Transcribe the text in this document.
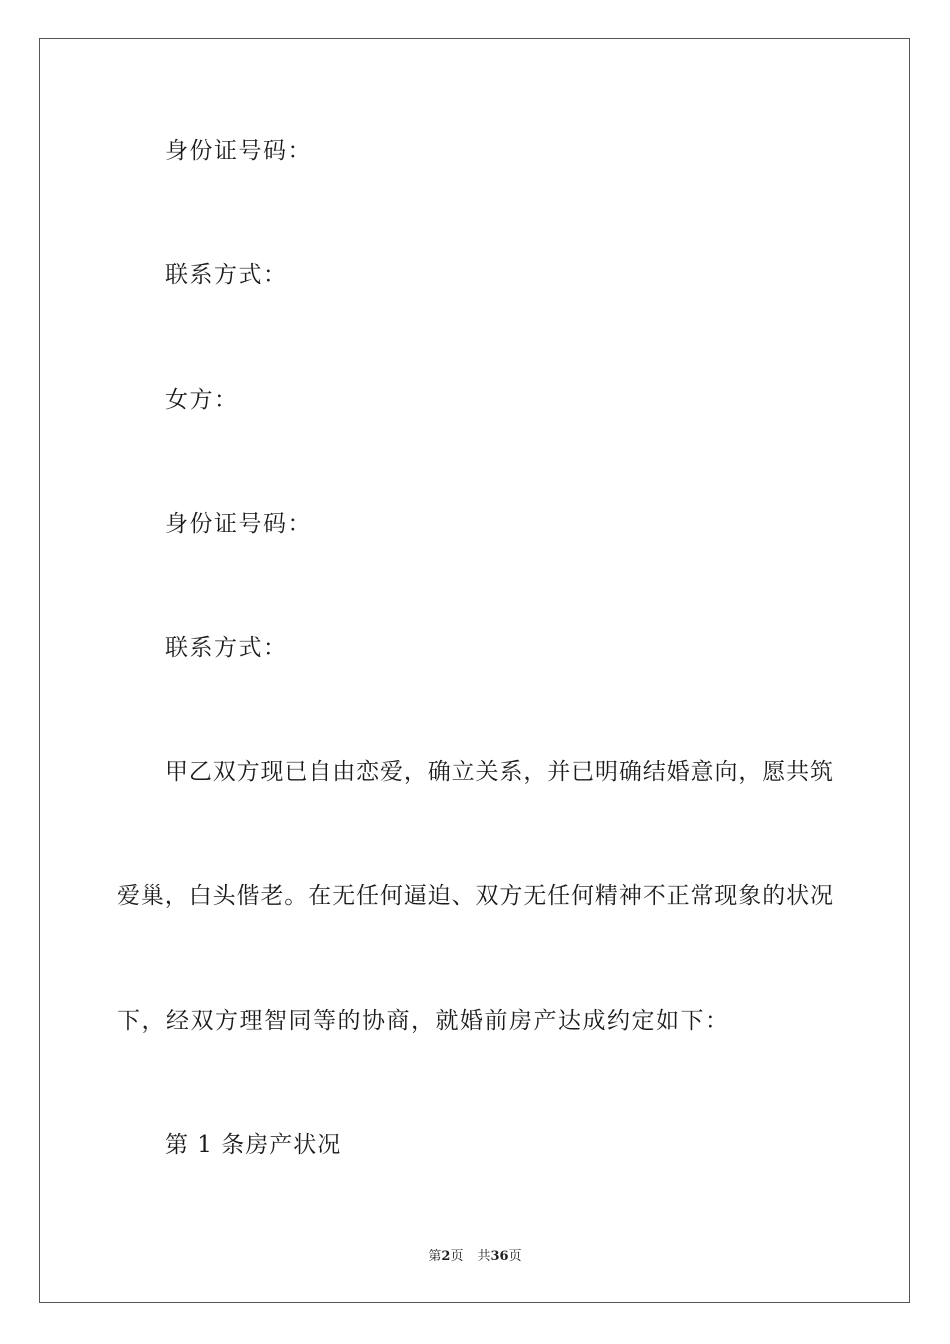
身份证号码：
联系方式：
女方：
身份证号码：
联系方式：
甲乙双方现已自由恋爱，确立关系，并已明确结婚意向，愿共筑
爱巢，白头偕老。在无任何逼迫、双方无任何精神不正常现象的状况
下，经双方理智同等的协商，就婚前房产达成约定如下：
第 1 条房产状况
第2页 共36页
